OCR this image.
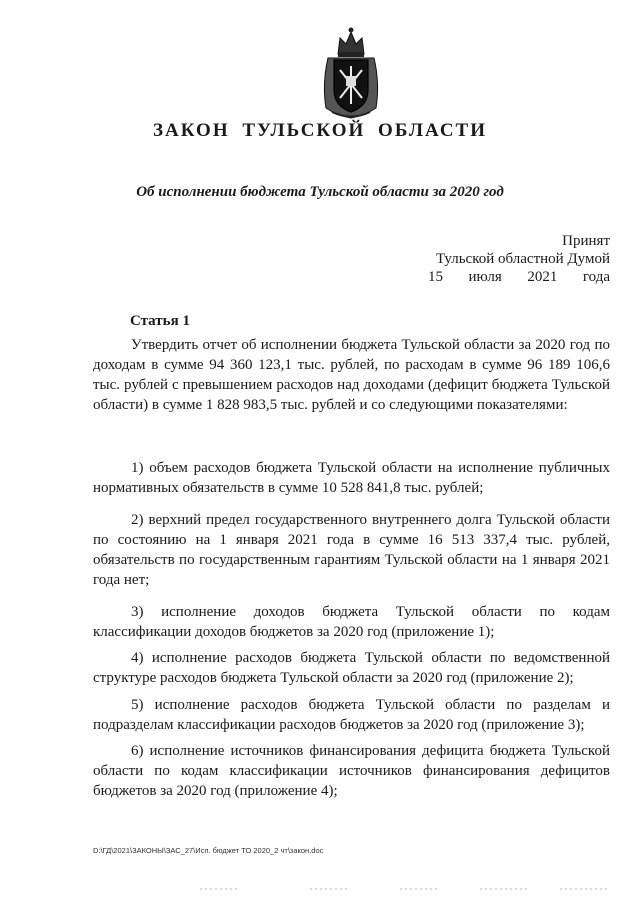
ЗАКОН ТУЛЬСКОЙ ОБЛАСТИ
Об исполнении бюджета Тульской области за 2020 год
Принят
Тульской областной Думой
15 июля 2021 года
Статья 1

Утвердить отчет об исполнении бюджета Тульской области за 2020 год по доходам в сумме 94 360 123,1 тыс. рублей, по расходам в сумме 96 189 106,6 тыс. рублей с превышением расходов над доходами (дефицит бюджета Тульской области) в сумме 1 828 983,5 тыс. рублей и со следующими показателями:

1) объем расходов бюджета Тульской области на исполнение публичных нормативных обязательств в сумме 10 528 841,8 тыс. рублей;

2) верхний предел государственного внутреннего долга Тульской области по состоянию на 1 января 2021 года в сумме 16 513 337,4 тыс. рублей, обязательств по государственным гарантиям Тульской области на 1 января 2021 года нет;

3) исполнение доходов бюджета Тульской области по кодам классификации доходов бюджетов за 2020 год (приложение 1);

4) исполнение расходов бюджета Тульской области по ведомственной структуре расходов бюджета Тульской области за 2020 год (приложение 2);

5) исполнение расходов бюджета Тульской области по разделам и подразделам классификации расходов бюджетов за 2020 год (приложение 3);

6) исполнение источников финансирования дефицита бюджета Тульской области по кодам классификации источников финансирования дефицитов бюджетов за 2020 год (приложение 4);

D:\ГД\2021\ЗАКОНЫ\ЗАС_27\Исп. бюджет ТО 2020_2 чт\закон.doc
